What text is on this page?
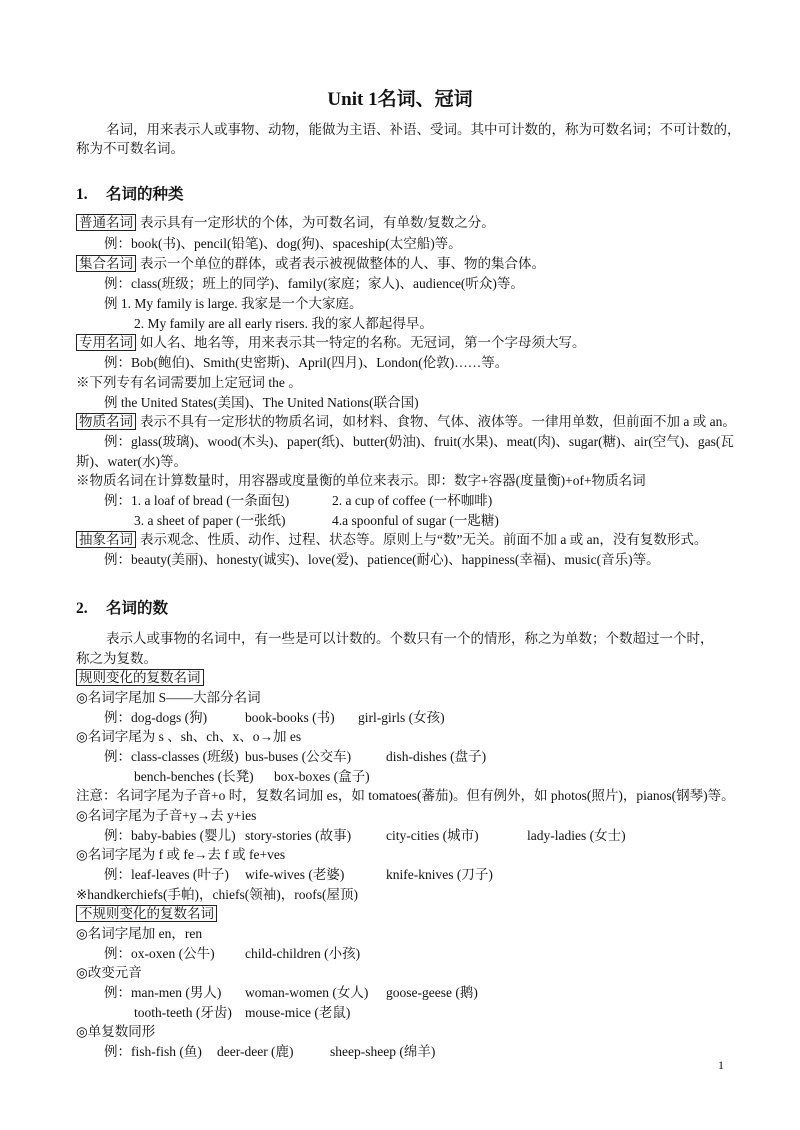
Unit 1名词、冠词
名词，用来表示人或事物、动物，能做为主语、补语、受词。其中可计数的，称为可数名词；不可计数的，
称为不可数名词。
1. 名词的种类
普通名词 表示具有一定形状的个体，为可数名词，有单数/复数之分。
例：book(书)、pencil(铅笔)、dog(狗)、spaceship(太空船)等。
集合名词 表示一个单位的群体，或者表示被视做整体的人、事、物的集合体。
例：class(班级；班上的同学)、family(家庭；家人)、audience(听众)等。
例 1. My family is large. 我家是一个大家庭。
2. My family are all early risers. 我的家人都起得早。
专用名词 如人名、地名等，用来表示其一特定的名称。无冠词，第一个字母须大写。
例：Bob(鲍伯)、Smith(史密斯)、April(四月)、London(伦敦)……等。
※下列专有名词需要加上定冠词 the 。
例 the United States(美国)、The United Nations(联合国)
物质名词 表示不具有一定形状的物质名词，如材料、食物、气体、液体等。一律用单数，但前面不加 a 或 an。
例：glass(玻璃)、wood(木头)、paper(纸)、butter(奶油)、fruit(水果)、meat(肉)、sugar(糖)、air(空气)、gas(瓦
斯)、water(水)等。
※物质名词在计算数量时，用容器或度量衡的单位来表示。即：数字+容器(度量衡)+of+物质名词
例：1. a loaf of bread (一条面包)	2. a cup of coffee (一杯咖啡)
3. a sheet of paper (一张纸)	4.a spoonful of sugar (一匙糖)
抽象名词 表示观念、性质、动作、过程、状态等。原则上与“数”无关。前面不加 a 或 an，没有复数形式。
例：beauty(美丽)、honesty(诚实)、love(爱)、patience(耐心)、happiness(幸福)、music(音乐)等。
2. 名词的数
表示人或事物的名词中，有一些是可以计数的。个数只有一个的情形，称之为单数；个数超过一个时，
称之为复数。
规则变化的复数名词
◎名词字尾加 S——大部分名词
例：dog-dogs (狗)	book-books (书) girl-girls (女孩)
◎名词字尾为 s 、sh、ch、x、o→加 es
例：class-classes (班级) bus-buses (公交车)	dish-dishes (盘子)
bench-benches (长凳) box-boxes (盒子)
注意：名词字尾为子音+o 时，复数名词加 es，如 tomatoes(蕃茄)。但有例外，如 photos(照片)，pianos(钢琴)等。
◎名词字尾为子音+y→去 y+ies
例：baby-babies (婴儿) story-stories (故事)	city-cities (城市)	lady-ladies (女士)
◎名词字尾为 f 或 fe→去 f 或 fe+ves
例：leaf-leaves (叶子) wife-wives (老婆)	knife-knives (刀子)
※handkerchiefs(手帕)，chiefs(领袖)，roofs(屋顶)
不规则变化的复数名词
◎名词字尾加 en，ren
例：ox-oxen (公牛) child-children (小孩)
◎改变元音
例：man-men (男人) woman-women (女人) goose-geese (鹅)
tooth-teeth (牙齿) mouse-mice (老鼠)
◎单复数同形
例：fish-fish (鱼) deer-deer (鹿)	sheep-sheep (绵羊)
1
